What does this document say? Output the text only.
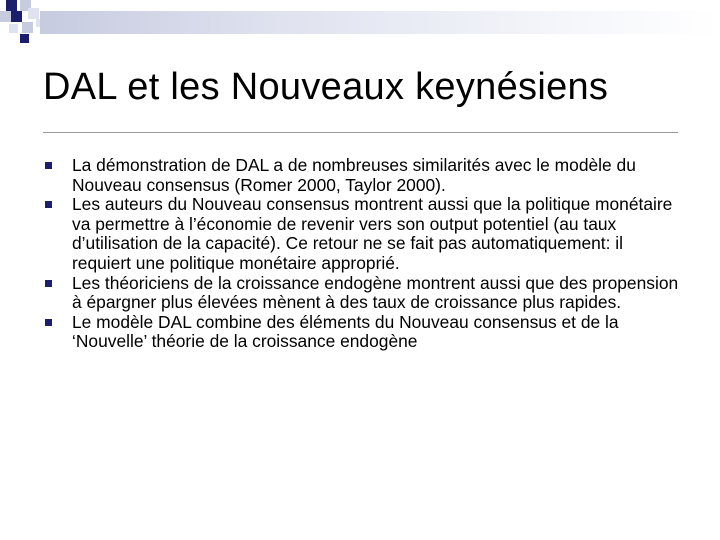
DAL et les Nouveaux keynésiens
La démonstration de DAL a de nombreuses similarités avec le modèle du Nouveau consensus (Romer 2000, Taylor 2000).
Les auteurs du Nouveau consensus montrent aussi que la politique monétaire va permettre à l’économie de revenir vers son output potentiel (au taux d’utilisation de la capacité). Ce retour ne se fait pas automatiquement: il requiert une politique monétaire approprié.
Les théoriciens de la croissance endogène montrent aussi que des propension à épargner plus élevées mènent à des taux de croissance plus rapides.
Le modèle DAL combine des éléments du Nouveau consensus et de la ‘Nouvelle’ théorie de la croissance endogène
